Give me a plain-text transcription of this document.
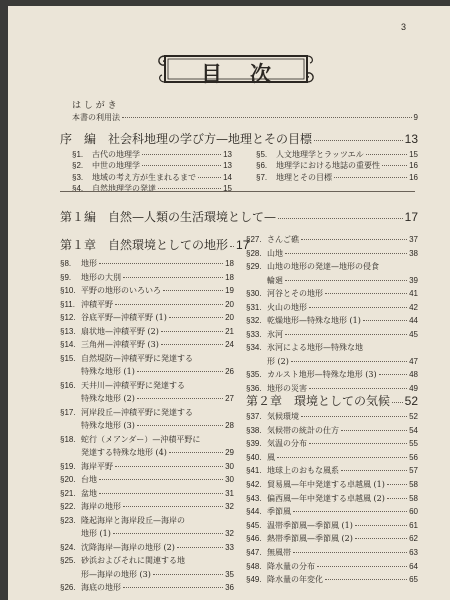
3
目次
は し が き
本書の利用法	9
序　編　社会科地理の学び方—地理とその目標	13
§1.	古代の地理学	13
§2.	中世の地理学	13
§3.	地域の考え方が生まれるまで	14
§4.	自然地理学の発達	15
§5.	人文地理学とラッツエル	15
§6.	地理学における地誌の重要性	16
§7.	地理とその目標	16
第１編　自然—人類の生活環境として—	17
第１章　自然環境としての地形 17
§8.	地形	18
§9.	地形の大別	18
§10. 平野の地形のいろいろ	19
§11. 沖積平野	20
§12. 谷底平野—沖積平野 (1)	20
§13. 扇状地—沖積平野 (2)	21
§14. 三角州—沖積平野 (3)	24
§15. 自然堤防—沖積平野に発達する
特殊な地形 (1)	26
§16. 天井川—沖積平野に発達する
特殊な地形 (2)	27
§17. 河岸段丘—沖積平野に発達する
特殊な地形 (3)	28
§18. 蛇行（メアンダー）—沖積平野に
発達する特殊な地形 (4)	29
§19. 海岸平野	30
§20. 台地	30
§21. 盆地	31
§22. 海岸の地形	32
§23. 隆起海岸と海岸段丘—海岸の
地形 (1)	32
§24. 沈降海岸—海岸の地形 (2)	33
§25. 砂浜およびそれに関連する地
形—海岸の地形 (3)	35
§26. 海底の地形	36
§27. さんご礁	37
§28. 山地	38
§29. 山地の地形の発達—地形の侵食
輪廻	39
§30. 河谷とその地形	41
§31. 火山の地形	42
§32. 乾燥地形—特殊な地形 (1)	44
§33. 氷河	45
§34. 氷河による地形—特殊な地
形 (2)	47
§35. カルスト地形—特殊な地形 (3)	48
§36. 地形の災害	49
第２章　環境としての気候 52
§37. 気候環境	52
§38. 気候帯の統計の仕方	54
§39. 気温の分布	55
§40. 風	56
§41. 地球上のおもな風系	57
§42. 貿易風—年中発達する卓越風 (1)	58
§43. 偏西風—年中発達する卓越風 (2)	58
§44. 季節風	60
§45. 温帯季節風—季節風 (1)	61
§46. 熱帯季節風—季節風 (2)	62
§47. 無風帯	63
§48. 降水量の分布	64
§49. 降水量の年変化	65
